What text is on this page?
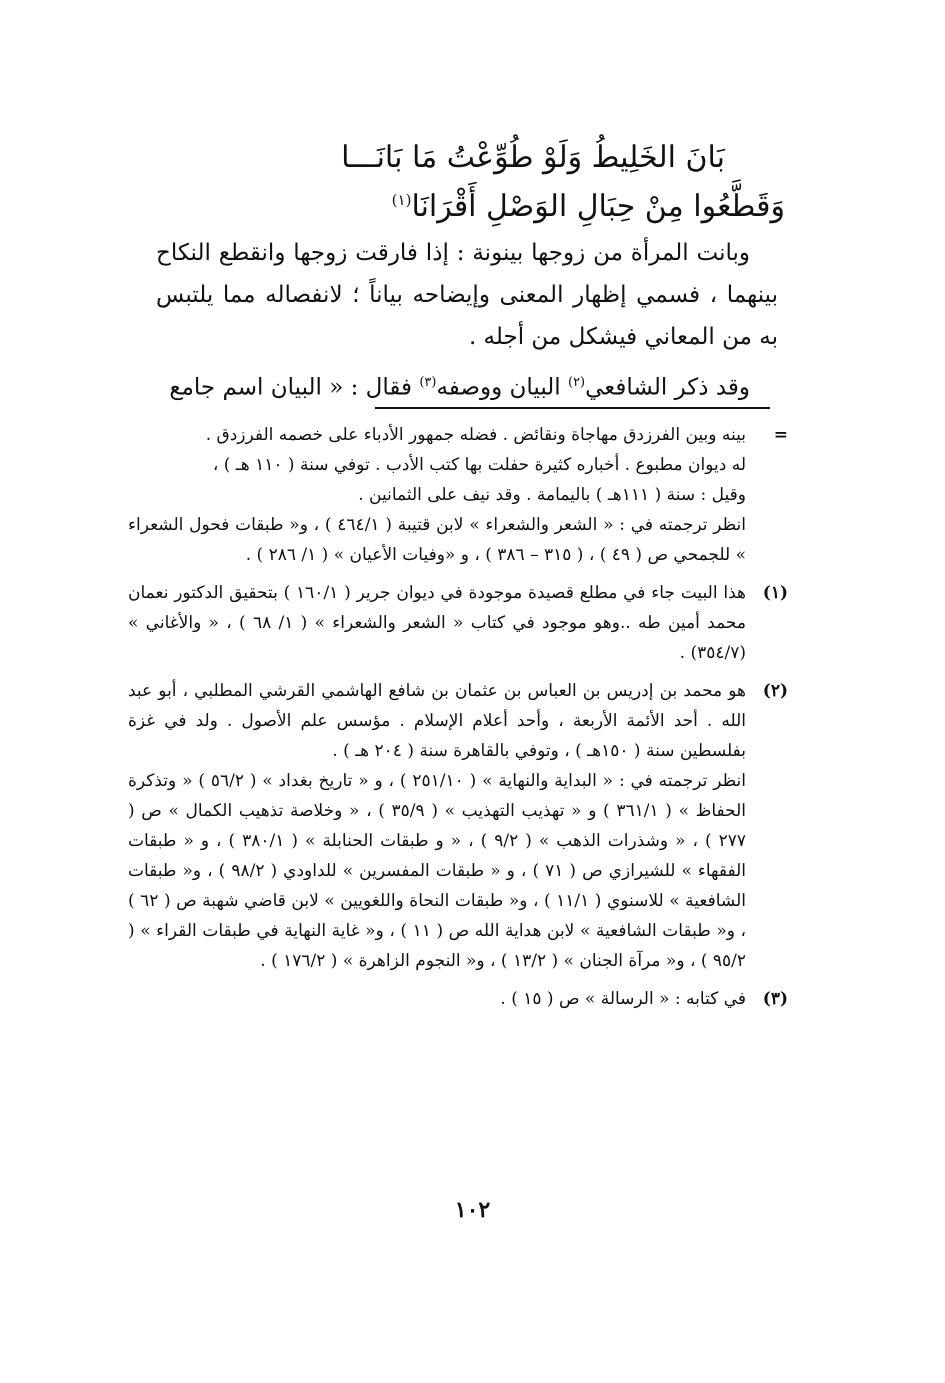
بَانَ الخَلِيطُ وَلَوْ طُوِّعْتُ مَا بَانَـــا
وَقَطَّعُوا مِنْ حِبَالِ الوَصْلِ أَقْرَانَا$^{(١)}$

وبانت المرأة من زوجها بينونة : إذا فارقت زوجها وانقطع النكاح بينهما ، فسمي إظهار المعنى وإيضاحه بياناً ؛ لانفصاله مما يلتبس به من المعاني فيشكل من أجله .

وقد ذكر الشافعي$^{(٢)}$ البيان ووصفه$^{(٣)}$ فقال : « البيان اسم جامع

=

بينه وبين الفرزدق مهاجاة ونقائض . فضله جمهور الأدباء على خصمه الفرزدق .

له ديوان مطبوع . أخباره كثيرة حفلت بها كتب الأدب . توفي سنة ( ١١٠ هـ ) ،

وقيل : سنة ( ١١١هـ ) باليمامة . وقد نيف على الثمانين .

انظر ترجمته في : « الشعر والشعراء » لابن قتيبة ( ٤٦٤/١ ) ، و« طبقات فحول الشعراء » للجمحي ص ( ٤٩ ) ، ( ٣١٥ – ٣٨٦ ) ، و «وفيات الأعيان » ( ١/ ٢٨٦ ) .

(١)

هذا البيت جاء في مطلع قصيدة موجودة في ديوان جرير ( ١٦٠/١ ) بتحقيق الدكتور نعمان محمد أمين طه ..وهو موجود في كتاب « الشعر والشعراء » ( ١/ ٦٨ ) ، « والأغاني » (٣٥٤/٧) .

(٢)

هو محمد بن إدريس بن العباس بن عثمان بن شافع الهاشمي القرشي المطلبي ، أبو عبد الله . أحد الأئمة الأربعة ، وأحد أعلام الإسلام . مؤسس علم الأصول . ولد في غزة بفلسطين سنة ( ١٥٠هـ ) ، وتوفي بالقاهرة سنة ( ٢٠٤ هـ ) .

انظر ترجمته في : « البداية والنهاية » ( ٢٥١/١٠ ) ، و « تاريخ بغداد » ( ٥٦/٢ ) « وتذكرة الحفاظ » ( ٣٦١/١ ) و « تهذيب التهذيب » ( ٣٥/٩ ) ، « وخلاصة تذهيب الكمال » ص ( ٢٧٧ ) ، « وشذرات الذهب » ( ٩/٢ ) ، « و طبقات الحنابلة » ( ٣٨٠/١ ) ، و « طبقات الفقهاء » للشيرازي ص ( ٧١ ) ، و « طبقات المفسرين » للداودي ( ٩٨/٢ ) ، و« طبقات الشافعية » للاسنوي ( ١١/١ ) ، و« طبقات النحاة واللغويين » لابن قاضي شهبة ص ( ٦٢ ) ، و« طبقات الشافعية » لابن هداية الله ص ( ١١ ) ، و« غاية النهاية في طبقات القراء » ( ٩٥/٢ ) ، و« مرآة الجنان » ( ١٣/٢ ) ، و« النجوم الزاهرة » ( ١٧٦/٢ ) .

(٣)

في كتابه : « الرسالة » ص ( ١٥ ) .

١٠٢
